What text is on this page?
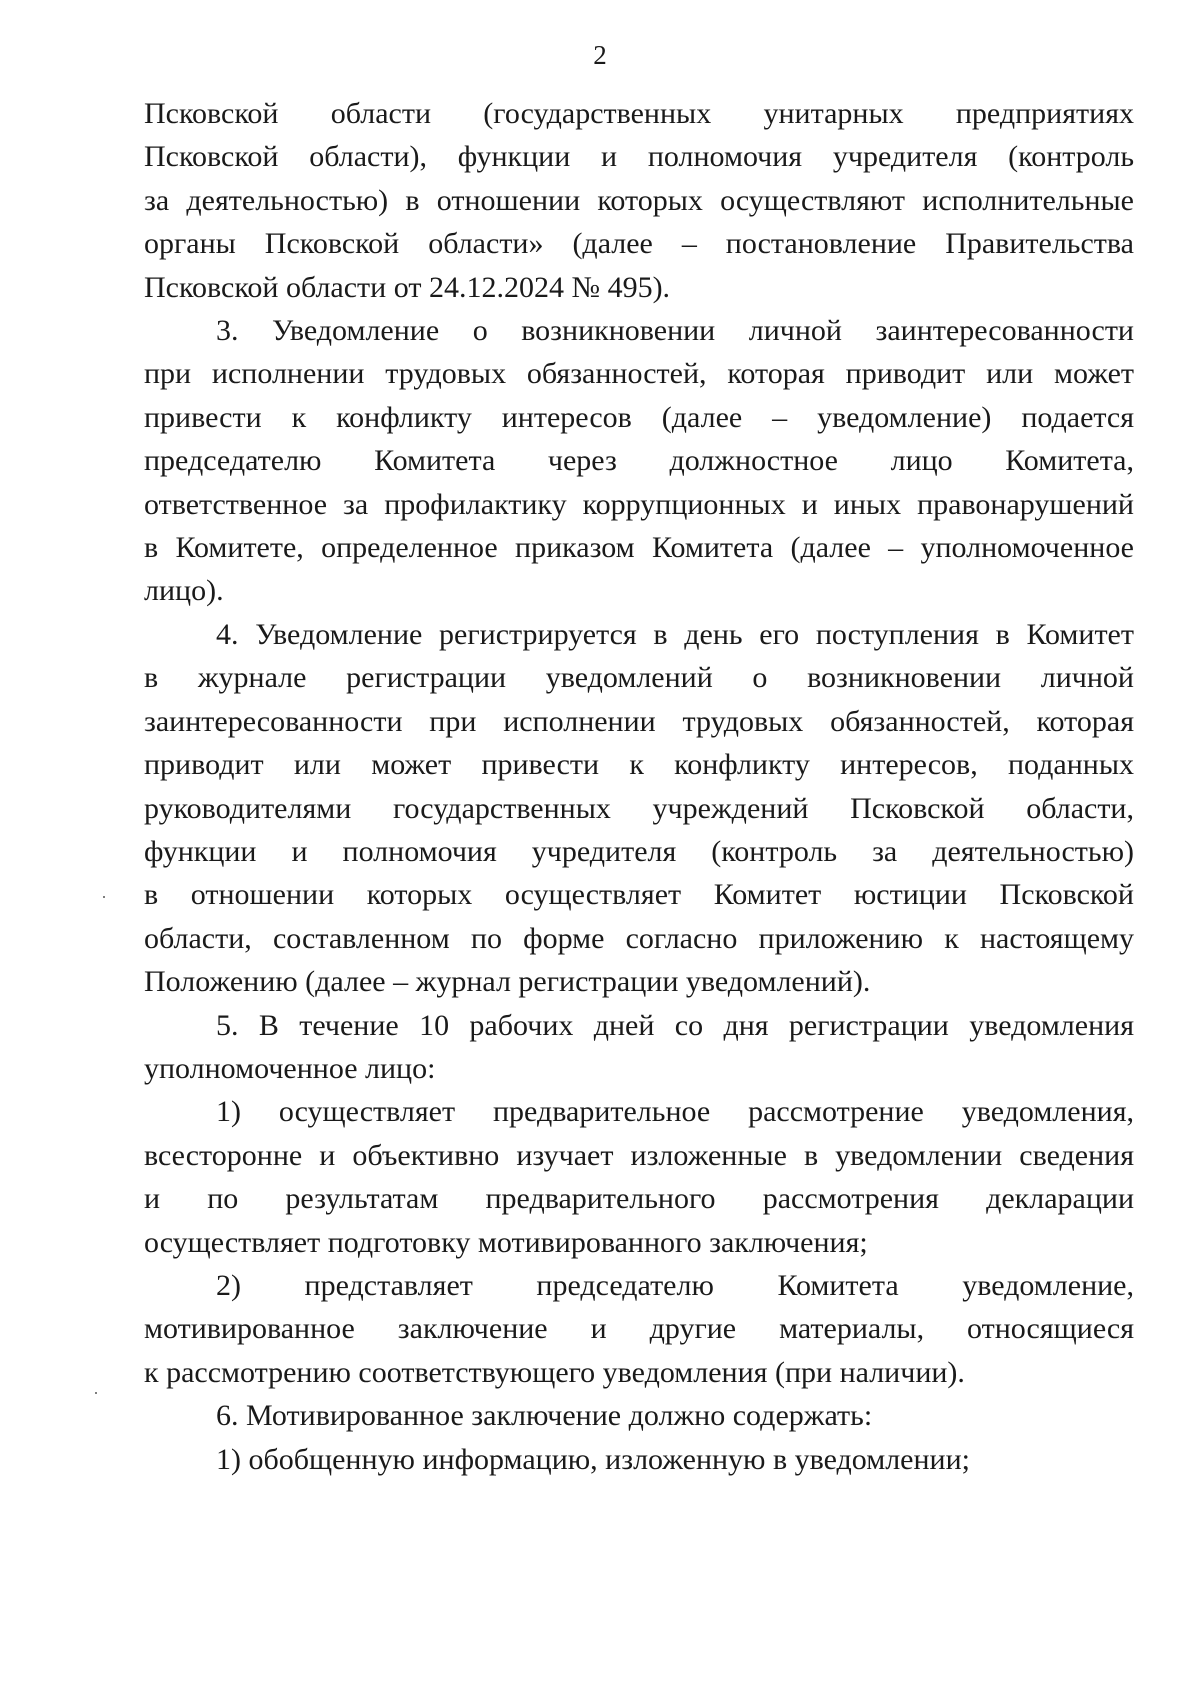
2
Псковской области (государственных унитарных предприятиях
Псковской области), функции и полномочия учредителя (контроль
за деятельностью) в отношении которых осуществляют исполнительные
органы Псковской области» (далее – постановление Правительства
Псковской области от 24.12.2024 № 495).
3. Уведомление о возникновении личной заинтересованности
при исполнении трудовых обязанностей, которая приводит или может
привести к конфликту интересов (далее – уведомление) подается
председателю Комитета через должностное лицо Комитета,
ответственное за профилактику коррупционных и иных правонарушений
в Комитете, определенное приказом Комитета (далее – уполномоченное
лицо).
4. Уведомление регистрируется в день его поступления в Комитет
в журнале регистрации уведомлений о возникновении личной
заинтересованности при исполнении трудовых обязанностей, которая
приводит или может привести к конфликту интересов, поданных
руководителями государственных учреждений Псковской области,
функции и полномочия учредителя (контроль за деятельностью)
в отношении которых осуществляет Комитет юстиции Псковской
области, составленном по форме согласно приложению к настоящему
Положению (далее – журнал регистрации уведомлений).
5. В течение 10 рабочих дней со дня регистрации уведомления
уполномоченное лицо:
1) осуществляет предварительное рассмотрение уведомления,
всесторонне и объективно изучает изложенные в уведомлении сведения
и по результатам предварительного рассмотрения декларации
осуществляет подготовку мотивированного заключения;
2) представляет председателю Комитета уведомление,
мотивированное заключение и другие материалы, относящиеся
к рассмотрению соответствующего уведомления (при наличии).
6. Мотивированное заключение должно содержать:
1) обобщенную информацию, изложенную в уведомлении;
